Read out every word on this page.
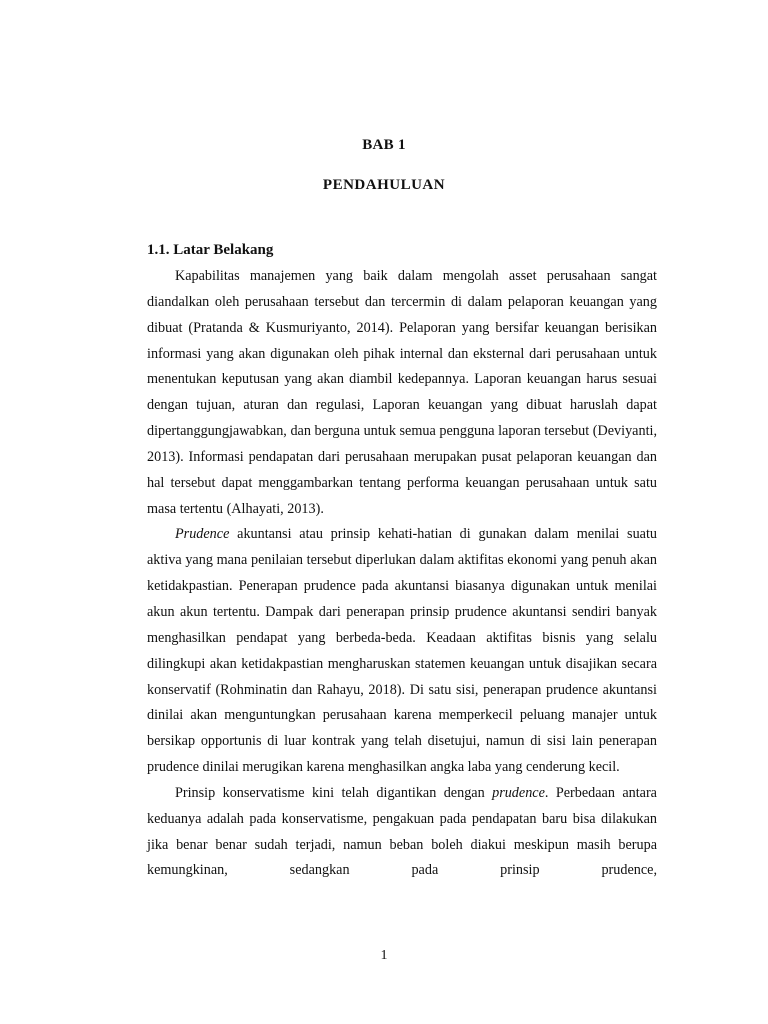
BAB 1
PENDAHULUAN
1.1. Latar Belakang

Kapabilitas manajemen yang baik dalam mengolah asset perusahaan sangat diandalkan oleh perusahaan tersebut dan tercermin di dalam pelaporan keuangan yang dibuat (Pratanda & Kusmuriyanto, 2014). Pelaporan yang bersifar keuangan berisikan informasi yang akan digunakan oleh pihak internal dan eksternal dari perusahaan untuk menentukan keputusan yang akan diambil kedepannya. Laporan keuangan harus sesuai dengan tujuan, aturan dan regulasi, Laporan keuangan yang dibuat haruslah dapat dipertanggungjawabkan, dan berguna untuk semua pengguna laporan tersebut (Deviyanti, 2013). Informasi pendapatan dari perusahaan merupakan pusat pelaporan keuangan dan hal tersebut dapat menggambarkan tentang performa keuangan perusahaan untuk satu masa tertentu (Alhayati, 2013).

Prudence akuntansi atau prinsip kehati-hatian di gunakan dalam menilai suatu aktiva yang mana penilaian tersebut diperlukan dalam aktifitas ekonomi yang penuh akan ketidakpastian. Penerapan prudence pada akuntansi biasanya digunakan untuk menilai akun akun tertentu. Dampak dari penerapan prinsip prudence akuntansi sendiri banyak menghasilkan pendapat yang berbeda-beda. Keadaan aktifitas bisnis yang selalu dilingkupi akan ketidakpastian mengharuskan statemen keuangan untuk disajikan secara konservatif (Rohminatin dan Rahayu, 2018). Di satu sisi, penerapan prudence akuntansi dinilai akan menguntungkan perusahaan karena memperkecil peluang manajer untuk bersikap opportunis di luar kontrak yang telah disetujui, namun di sisi lain penerapan prudence dinilai merugikan karena menghasilkan angka laba yang cenderung kecil.

Prinsip konservatisme kini telah digantikan dengan prudence. Perbedaan antara keduanya adalah pada konservatisme, pengakuan pada pendapatan baru bisa dilakukan jika benar benar sudah terjadi, namun beban boleh diakui meskipun masih berupa kemungkinan, sedangkan pada prinsip prudence,

1
